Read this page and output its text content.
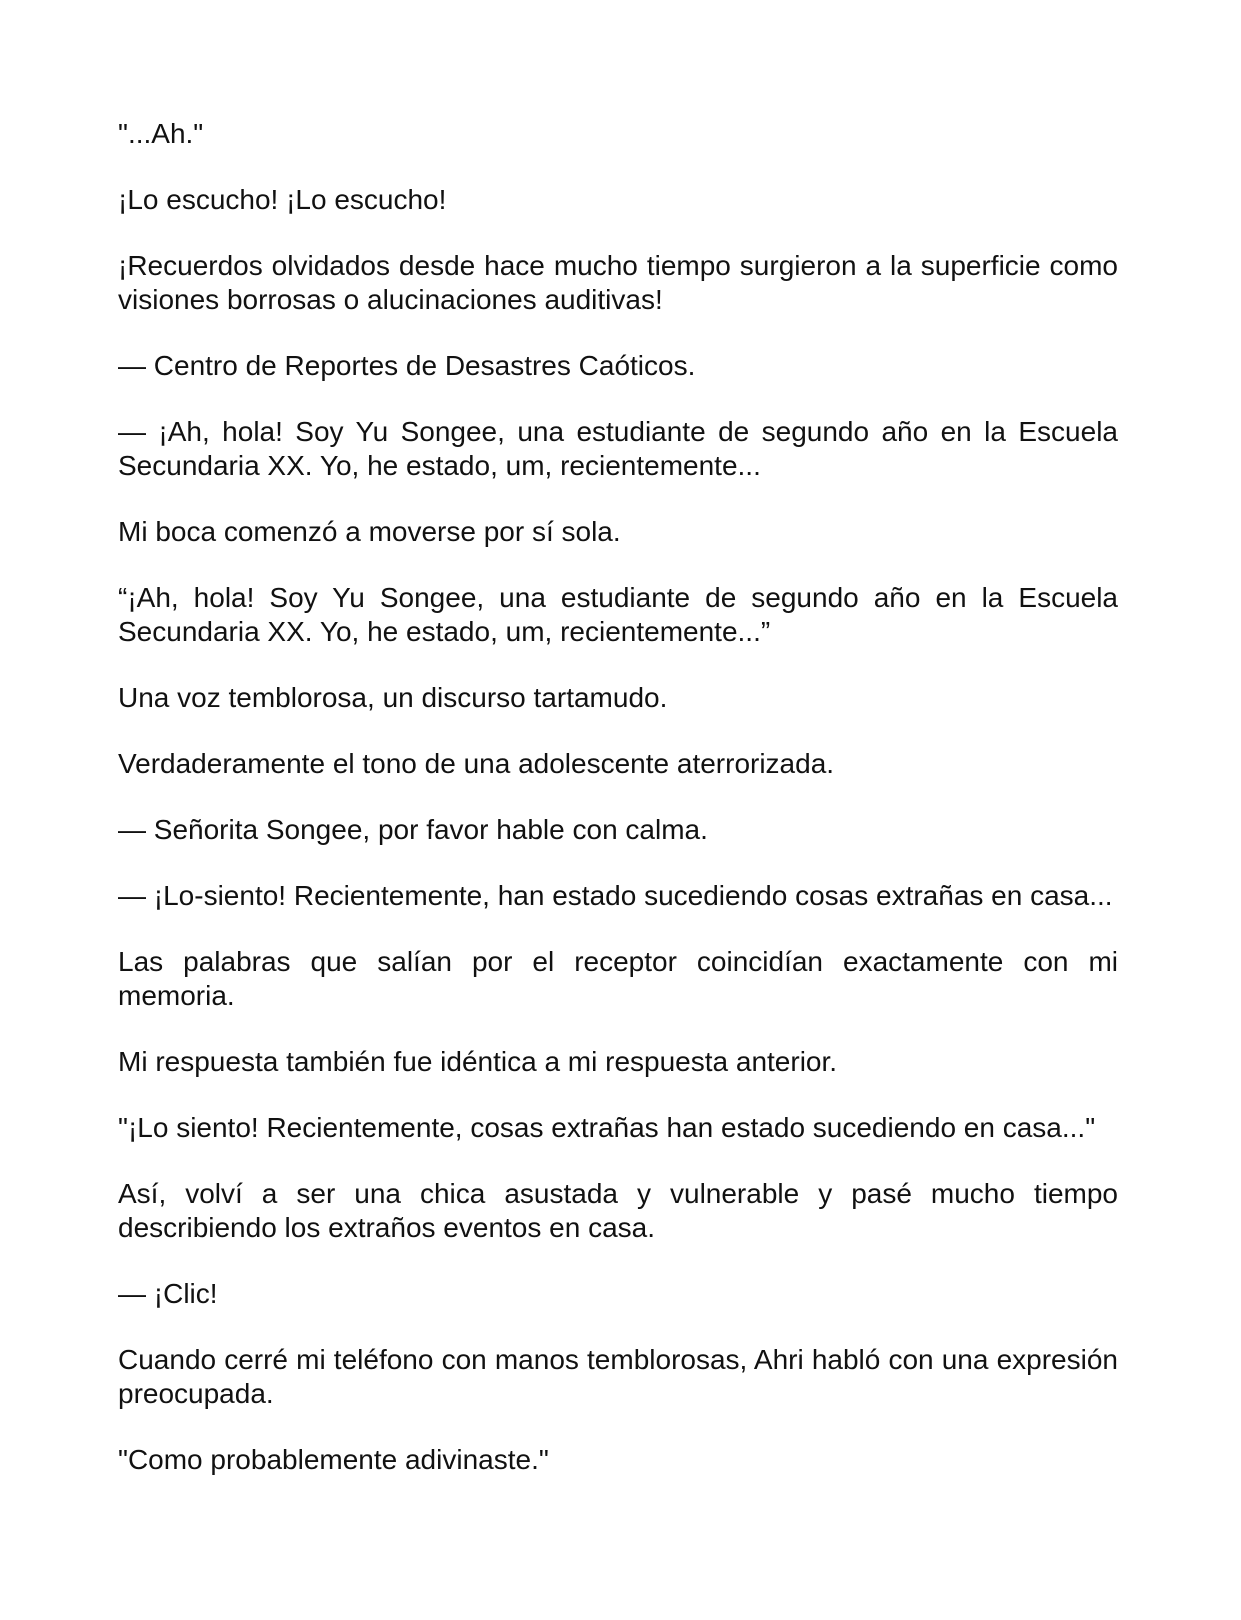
"...Ah."

¡Lo escucho! ¡Lo escucho!

¡Recuerdos olvidados desde hace mucho tiempo surgieron a la superficie como visiones borrosas o alucinaciones auditivas!

— Centro de Reportes de Desastres Caóticos.

— ¡Ah, hola! Soy Yu Songee, una estudiante de segundo año en la Escuela Secundaria XX. Yo, he estado, um, recientemente...

Mi boca comenzó a moverse por sí sola.

“¡Ah, hola! Soy Yu Songee, una estudiante de segundo año en la Escuela Secundaria XX. Yo, he estado, um, recientemente...”

Una voz temblorosa, un discurso tartamudo.

Verdaderamente el tono de una adolescente aterrorizada.

— Señorita Songee, por favor hable con calma.

— ¡Lo-siento! Recientemente, han estado sucediendo cosas extrañas en casa...

Las palabras que salían por el receptor coincidían exactamente con mi memoria.

Mi respuesta también fue idéntica a mi respuesta anterior.

"¡Lo siento! Recientemente, cosas extrañas han estado sucediendo en casa..."

Así, volví a ser una chica asustada y vulnerable y pasé mucho tiempo describiendo los extraños eventos en casa.

— ¡Clic!

Cuando cerré mi teléfono con manos temblorosas, Ahri habló con una expresión preocupada.

"Como probablemente adivinaste."
